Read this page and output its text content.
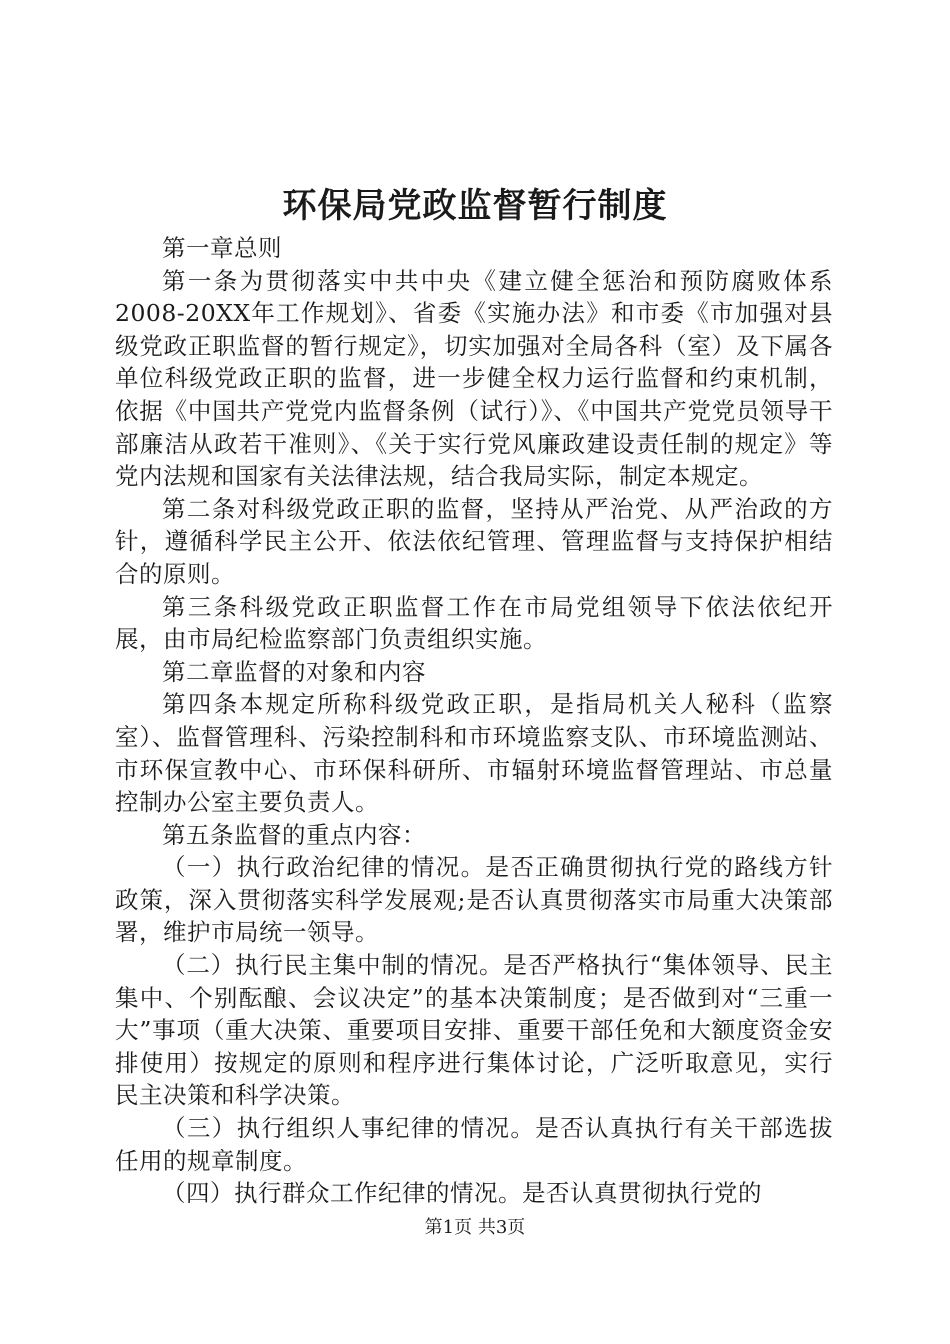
环保局党政监督暂行制度

第一章总则

第一条为贯彻落实中共中央《建立健全惩治和预防腐败体系2008-20XX年工作规划》、省委《实施办法》和市委《市加强对县级党政正职监督的暂行规定》，切实加强对全局各科（室）及下属各单位科级党政正职的监督，进一步健全权力运行监督和约束机制，依据《中国共产党党内监督条例（试行）》、《中国共产党党员领导干部廉洁从政若干准则》、《关于实行党风廉政建设责任制的规定》等党内法规和国家有关法律法规，结合我局实际，制定本规定。

第二条对科级党政正职的监督，坚持从严治党、从严治政的方针，遵循科学民主公开、依法依纪管理、管理监督与支持保护相结合的原则。

第三条科级党政正职监督工作在市局党组领导下依法依纪开展，由市局纪检监察部门负责组织实施。

第二章监督的对象和内容

第四条本规定所称科级党政正职，是指局机关人秘科（监察室）、监督管理科、污染控制科和市环境监察支队、市环境监测站、市环保宣教中心、市环保科研所、市辐射环境监督管理站、市总量控制办公室主要负责人。

第五条监督的重点内容：

（一）执行政治纪律的情况。是否正确贯彻执行党的路线方针政策，深入贯彻落实科学发展观;是否认真贯彻落实市局重大决策部署，维护市局统一领导。

（二）执行民主集中制的情况。是否严格执行“集体领导、民主集中、个别酝酿、会议决定”的基本决策制度；是否做到对“三重一大”事项（重大决策、重要项目安排、重要干部任免和大额度资金安排使用）按规定的原则和程序进行集体讨论，广泛听取意见，实行民主决策和科学决策。

（三）执行组织人事纪律的情况。是否认真执行有关干部选拔任用的规章制度。

（四）执行群众工作纪律的情况。是否认真贯彻执行党的

第1页 共3页
